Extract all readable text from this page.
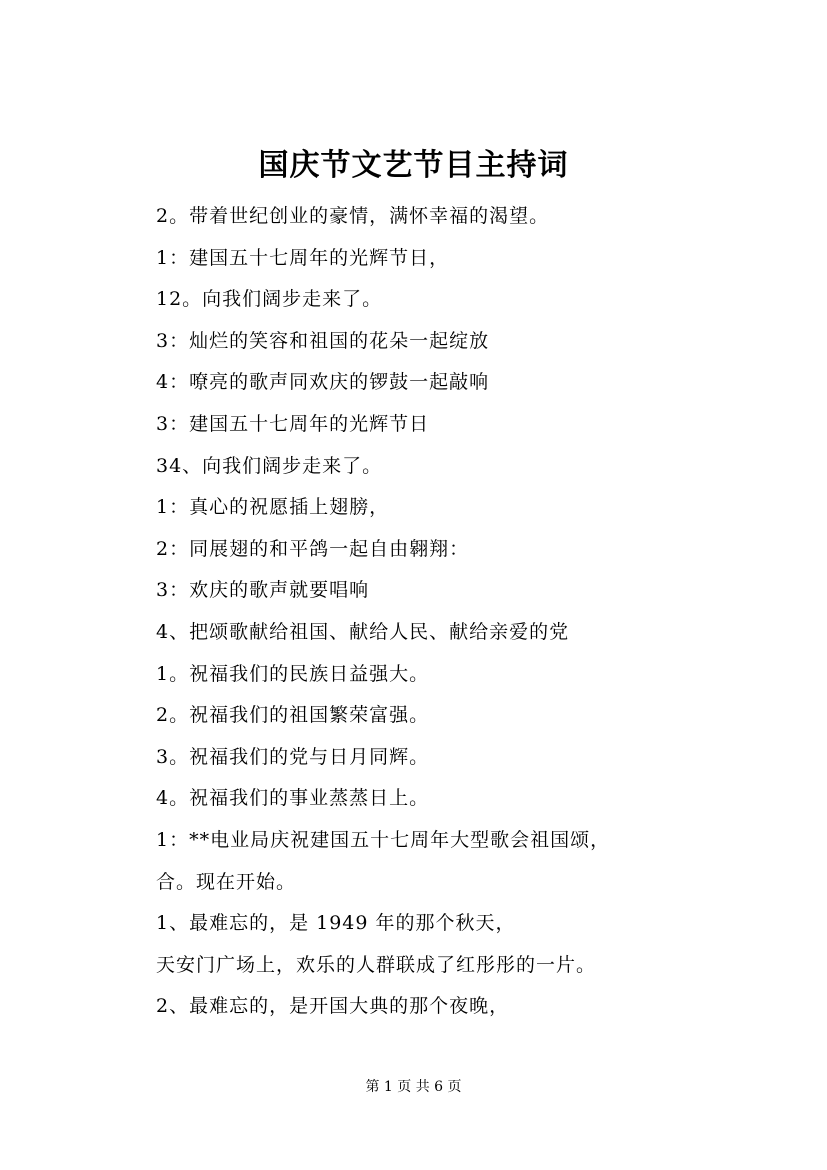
国庆节文艺节目主持词
2。带着世纪创业的豪情，满怀幸福的渴望。
1：建国五十七周年的光辉节日，
12。向我们阔步走来了。
3：灿烂的笑容和祖国的花朵一起绽放
4：嘹亮的歌声同欢庆的锣鼓一起敲响
3：建国五十七周年的光辉节日
34、向我们阔步走来了。
1：真心的祝愿插上翅膀，
2：同展翅的和平鸽一起自由翱翔：
3：欢庆的歌声就要唱响
4、把颂歌献给祖国、献给人民、献给亲爱的党
1。祝福我们的民族日益强大。
2。祝福我们的祖国繁荣富强。
3。祝福我们的党与日月同辉。
4。祝福我们的事业蒸蒸日上。
1：**电业局庆祝建国五十七周年大型歌会祖国颂，
合。现在开始。
1、最难忘的，是 1949 年的那个秋天，
天安门广场上，欢乐的人群联成了红彤彤的一片。
2、最难忘的，是开国大典的那个夜晚，
第 1 页 共 6 页
